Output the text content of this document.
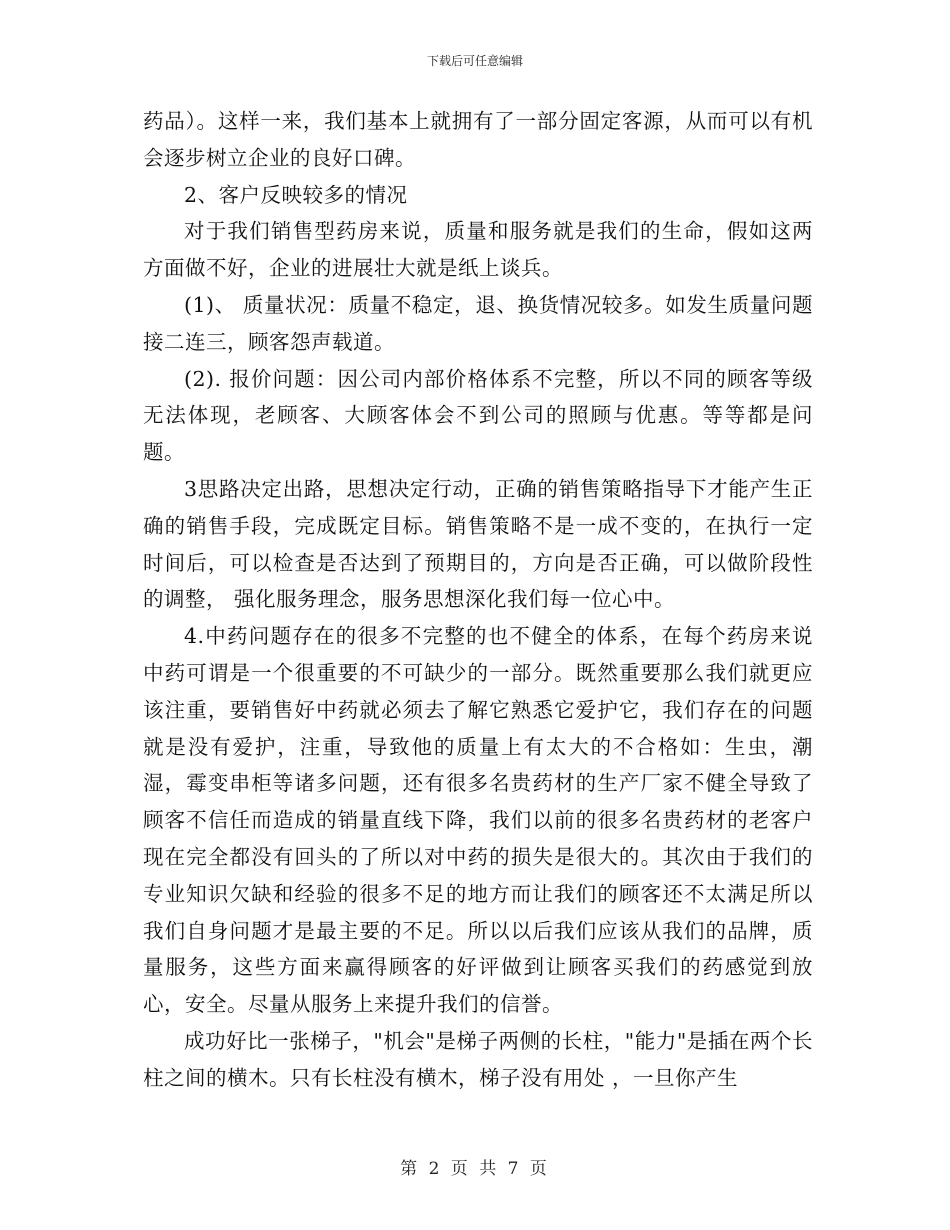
下载后可任意编辑

药品）。这样一来，我们基本上就拥有了一部分固定客源，从而可以有机会逐步树立企业的良好口碑。

2、客户反映较多的情况

对于我们销售型药房来说，质量和服务就是我们的生命，假如这两方面做不好，企业的进展壮大就是纸上谈兵。

(1)、 质量状况：质量不稳定，退、换货情况较多。如发生质量问题接二连三，顾客怨声载道。

(2). 报价问题：因公司内部价格体系不完整，所以不同的顾客等级无法体现，老顾客、大顾客体会不到公司的照顾与优惠。等等都是问题。

3思路决定出路，思想决定行动，正确的销售策略指导下才能产生正确的销售手段，完成既定目标。销售策略不是一成不变的，在执行一定时间后，可以检查是否达到了预期目的，方向是否正确，可以做阶段性的调整， 强化服务理念，服务思想深化我们每一位心中。

4.中药问题存在的很多不完整的也不健全的体系，在每个药房来说中药可谓是一个很重要的不可缺少的一部分。既然重要那么我们就更应该注重，要销售好中药就必须去了解它熟悉它爱护它，我们存在的问题就是没有爱护，注重，导致他的质量上有太大的不合格如：生虫，潮湿，霉变串柜等诸多问题，还有很多名贵药材的生产厂家不健全导致了顾客不信任而造成的销量直线下降，我们以前的很多名贵药材的老客户现在完全都没有回头的了所以对中药的损失是很大的。其次由于我们的专业知识欠缺和经验的很多不足的地方而让我们的顾客还不太满足所以我们自身问题才是最主要的不足。所以以后我们应该从我们的品牌，质量服务，这些方面来赢得顾客的好评做到让顾客买我们的药感觉到放心，安全。尽量从服务上来提升我们的信誉。

成功好比一张梯子，"机会"是梯子两侧的长柱，"能力"是插在两个长柱之间的横木。只有长柱没有横木，梯子没有用处 ，一旦你产生

第 2 页 共 7 页
